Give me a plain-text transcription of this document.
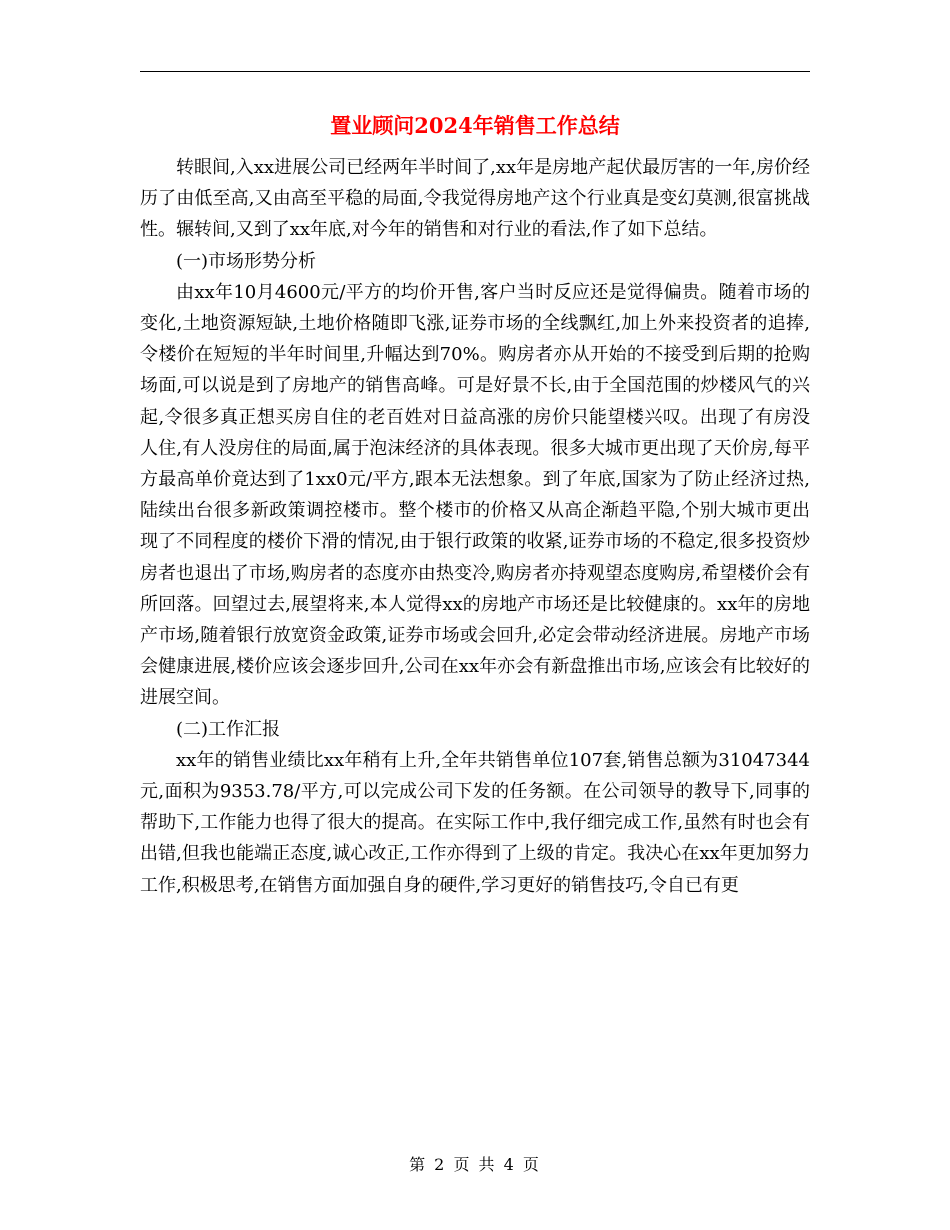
置业顾问2024年销售工作总结

转眼间,入xx进展公司已经两年半时间了,xx年是房地产起伏最厉害的一年,房价经历了由低至高,又由高至平稳的局面,令我觉得房地产这个行业真是变幻莫测,很富挑战性。辗转间,又到了xx年底,对今年的销售和对行业的看法,作了如下总结。

(一)市场形势分析

由xx年10月4600元/平方的均价开售,客户当时反应还是觉得偏贵。随着市场的变化,土地资源短缺,土地价格随即飞涨,证券市场的全线飘红,加上外来投资者的追捧,令楼价在短短的半年时间里,升幅达到70%。购房者亦从开始的不接受到后期的抢购场面,可以说是到了房地产的销售高峰。可是好景不长,由于全国范围的炒楼风气的兴起,令很多真正想买房自住的老百姓对日益高涨的房价只能望楼兴叹。出现了有房没人住,有人没房住的局面,属于泡沫经济的具体表现。很多大城市更出现了天价房,每平方最高单价竟达到了1xx0元/平方,跟本无法想象。到了年底,国家为了防止经济过热,陆续出台很多新政策调控楼市。整个楼市的价格又从高企渐趋平隐,个别大城市更出现了不同程度的楼价下滑的情况,由于银行政策的收紧,证券市场的不稳定,很多投资炒房者也退出了市场,购房者的态度亦由热变冷,购房者亦持观望态度购房,希望楼价会有所回落。回望过去,展望将来,本人觉得xx的房地产市场还是比较健康的。xx年的房地产市场,随着银行放宽资金政策,证券市场或会回升,必定会带动经济进展。房地产市场会健康进展,楼价应该会逐步回升,公司在xx年亦会有新盘推出市场,应该会有比较好的进展空间。

(二)工作汇报

xx年的销售业绩比xx年稍有上升,全年共销售单位107套,销售总额为31047344元,面积为9353.78/平方,可以完成公司下发的任务额。在公司领导的教导下,同事的帮助下,工作能力也得了很大的提高。在实际工作中,我仔细完成工作,虽然有时也会有出错,但我也能端正态度,诚心改正,工作亦得到了上级的肯定。我决心在xx年更加努力工作,积极思考,在销售方面加强自身的硬件,学习更好的销售技巧,令自已有更

第 2 页 共 4 页
